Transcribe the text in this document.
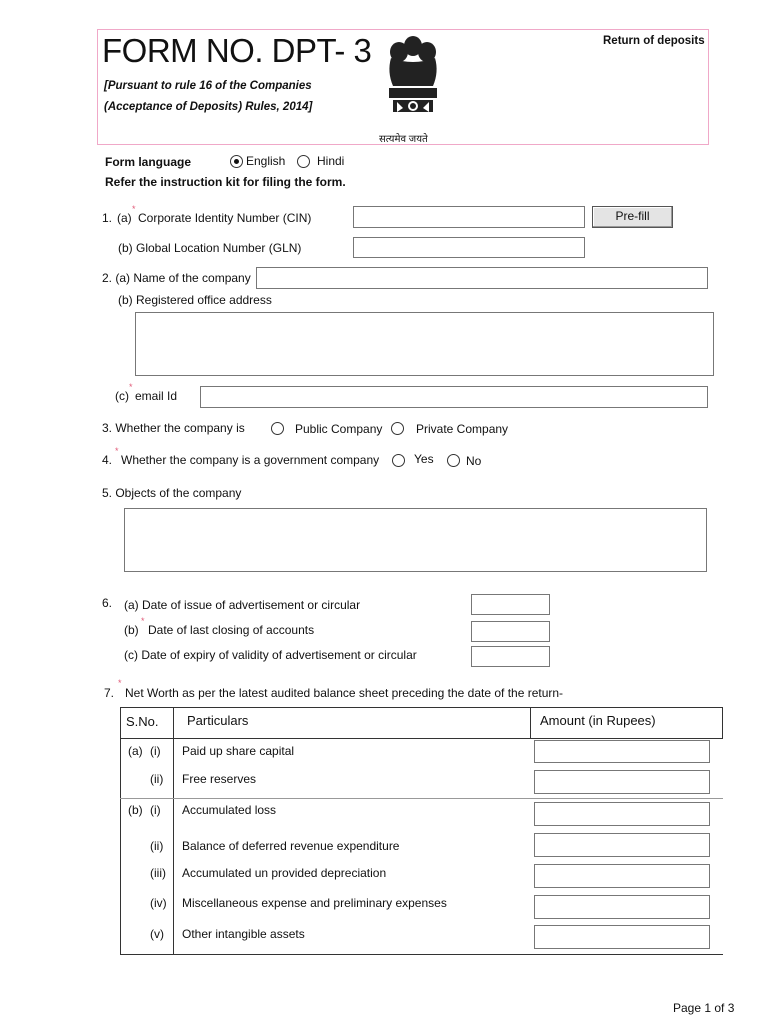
FORM NO. DPT- 3
[Pursuant to rule 16 of the Companies
(Acceptance of Deposits) Rules, 2014]
सत्यमेव जयते
Return of deposits
Form language	English	Hindi
Refer the instruction kit for filing the form.
1. (a)
*
Corporate Identity Number (CIN)	Pre-fill
(b) Global Location Number (GLN)
2. (a) Name of the company
(b) Registered office address
(c)
*
email Id
3. Whether the company is	Public Company	Private Company
4.
*
Whether the company is a government company	Yes	No
5. Objects of the company
6. (a) Date of issue of advertisement or circular
(b)
*
Date of last closing of accounts
(c) Date of expiry of validity of advertisement or circular
7.
*
Net Worth as per the latest audited balance sheet preceding the date of the return-
S.No. Particulars	Amount (in Rupees)
(a) (i) Paid up share capital
(ii) Free reserves
(b) (i) Accumulated loss
(ii) Balance of deferred revenue expenditure
(iii) Accumulated un provided depreciation
(iv) Miscellaneous expense and preliminary expenses
(v) Other intangible assets
Page 1 of 3
